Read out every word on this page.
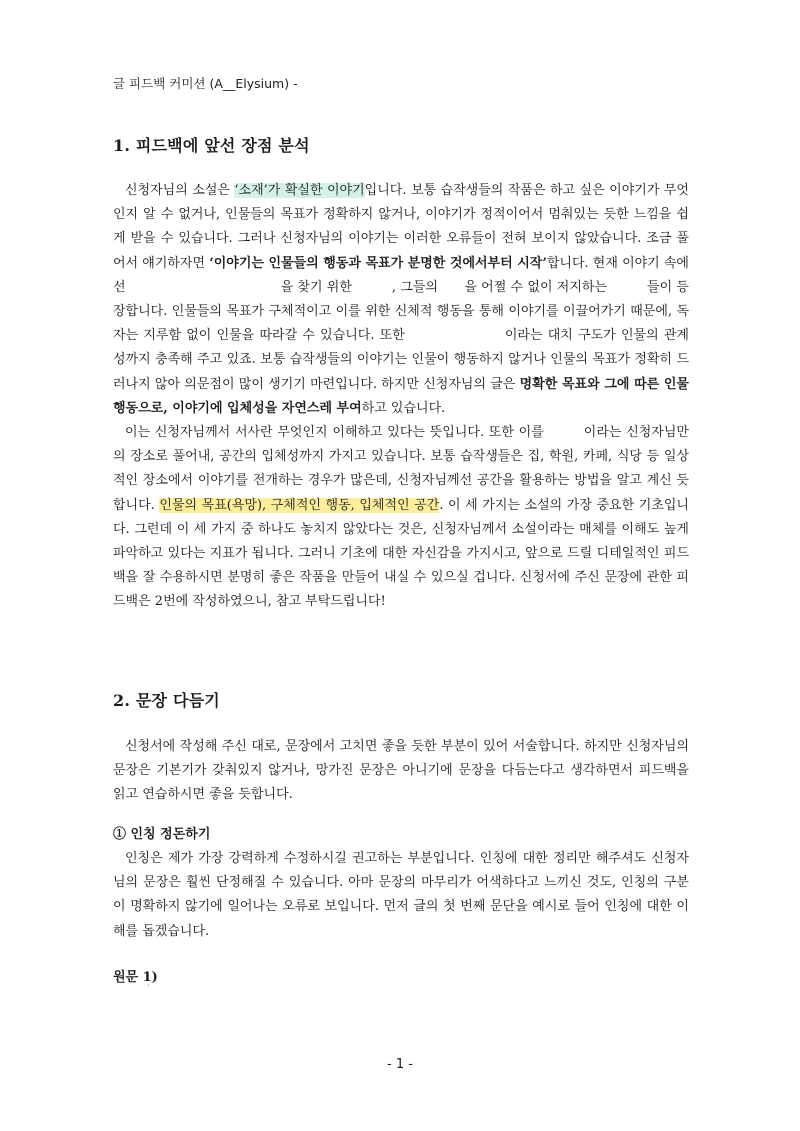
글 피드백 커미션 (A__Elysium) -
1. 피드백에 앞선 장점 분석

신청자님의 소설은 ‘소재’가 확실한 이야기입니다. 보통 습작생들의 작품은 하고 싶은 이야기가 무엇인지 알 수 없거나, 인물들의 목표가 정확하지 않거나, 이야기가 정적이어서 멈춰있는 듯한 느낌을 쉽게 받을 수 있습니다. 그러나 신청자님의 이야기는 이러한 오류들이 전혀 보이지 않았습니다. 조금 풀어서 얘기하자면 ‘이야기는 인물들의 행동과 목표가 분명한 것에서부터 시작’합니다. 현재 이야기 속에선	을 찾기 위한	, 그들의 을 어쩔 수 없이 저지하는	들이 등장합니다. 인물들의 목표가 구체적이고 이를 위한 신체적 행동을 통해 이야기를 이끌어가기 때문에, 독자는 지루함 없이 인물을 따라갈 수 있습니다. 또한	이라는 대치 구도가 인물의 관계성까지 충족해 주고 있죠. 보통 습작생들의 이야기는 인물이 행동하지 않거나 인물의 목표가 정확히 드러나지 않아 의문점이 많이 생기기 마련입니다. 하지만 신청자님의 글은 명확한 목표와 그에 따른 인물 행동으로, 이야기에 입체성을 자연스레 부여하고 있습니다.

이는 신청자님께서 서사란 무엇인지 이해하고 있다는 뜻입니다. 또한 이를	이라는 신청자님만의 장소로 풀어내, 공간의 입체성까지 가지고 있습니다. 보통 습작생들은 집, 학원, 카페, 식당 등 일상적인 장소에서 이야기를 전개하는 경우가 많은데, 신청자님께선 공간을 활용하는 방법을 알고 계신 듯합니다. 인물의 목표(욕망), 구체적인 행동, 입체적인 공간. 이 세 가지는 소설의 가장 중요한 기초입니다. 그런데 이 세 가지 중 하나도 놓치지 않았다는 것은, 신청자님께서 소설이라는 매체를 이해도 높게 파악하고 있다는 지표가 됩니다. 그러니 기초에 대한 자신감을 가지시고, 앞으로 드릴 디테일적인 피드백을 잘 수용하시면 분명히 좋은 작품을 만들어 내실 수 있으실 겁니다. 신청서에 주신 문장에 관한 피드백은 2번에 작성하였으니, 참고 부탁드립니다!

2. 문장 다듬기

신청서에 작성해 주신 대로, 문장에서 고치면 좋을 듯한 부분이 있어 서술합니다. 하지만 신청자님의 문장은 기본기가 갖춰있지 않거나, 망가진 문장은 아니기에 문장을 다듬는다고 생각하면서 피드백을 읽고 연습하시면 좋을 듯합니다.

① 인칭 정돈하기

인칭은 제가 가장 강력하게 수정하시길 권고하는 부분입니다. 인칭에 대한 정리만 해주셔도 신청자님의 문장은 훨씬 단정해질 수 있습니다. 아마 문장의 마무리가 어색하다고 느끼신 것도, 인칭의 구분이 명확하지 않기에 일어나는 오류로 보입니다. 먼저 글의 첫 번째 문단을 예시로 들어 인칭에 대한 이해를 돕겠습니다.

원문 1)
˙
- 1 -
